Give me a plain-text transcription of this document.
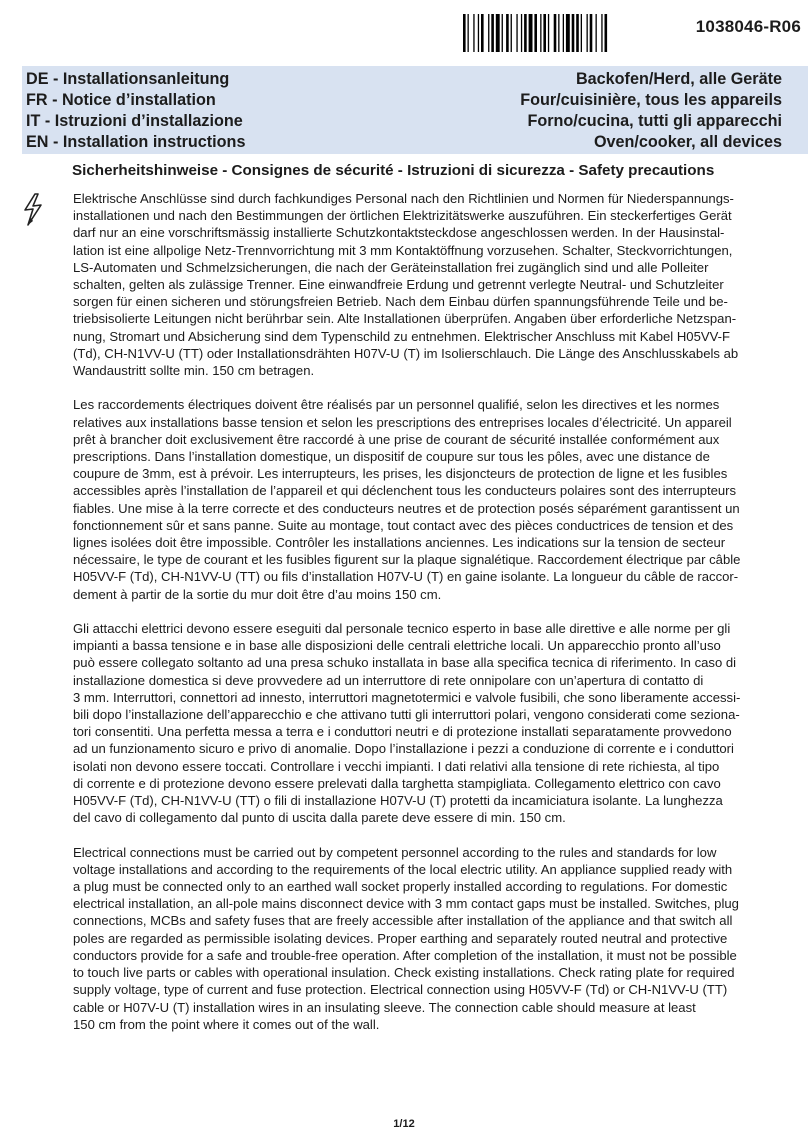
1038046-R06
DE - Installationsanleitung	Backofen/Herd, alle Geräte
FR - Notice d’installation	Four/cuisinière, tous les appareils
IT - Istruzioni d’installazione	Forno/cucina, tutti gli apparecchi
EN - Installation instructions	Oven/cooker, all devices
Sicherheitshinweise - Consignes de sécurité - Istruzioni di sicurezza - Safety precautions

Elektrische Anschlüsse sind durch fachkundiges Personal nach den Richtlinien und Normen für Niederspannungs-
installationen und nach den Bestimmungen der örtlichen Elektrizitätswerke auszuführen. Ein steckerfertiges Gerät
darf nur an eine vorschriftsmässig installierte Schutzkontaktsteckdose angeschlossen werden. In der Hausinstal-
lation ist eine allpolige Netz-Trennvorrichtung mit 3 mm Kontaktöffnung vorzusehen. Schalter, Steckvorrichtungen,
LS-Automaten und Schmelzsicherungen, die nach der Geräteinstallation frei zugänglich sind und alle Polleiter
schalten, gelten als zulässige Trenner. Eine einwandfreie Erdung und getrennt verlegte Neutral- und Schutzleiter
sorgen für einen sicheren und störungsfreien Betrieb. Nach dem Einbau dürfen spannungsführende Teile und be-
triebsisolierte Leitungen nicht berührbar sein. Alte Installationen überprüfen. Angaben über erforderliche Netzspan-
nung, Stromart und Absicherung sind dem Typenschild zu entnehmen. Elektrischer Anschluss mit Kabel H05VV-F
(Td), CH-N1VV-U (TT) oder Installationsdrähten H07V-U (T) im Isolierschlauch. Die Länge des Anschlusskabels ab
Wandaustritt sollte min. 150 cm betragen.

Les raccordements électriques doivent être réalisés par un personnel qualifié, selon les directives et les normes
relatives aux installations basse tension et selon les prescriptions des entreprises locales d’électricité. Un appareil
prêt à brancher doit exclusivement être raccordé à une prise de courant de sécurité installée conformément aux
prescriptions. Dans l’installation domestique, un dispositif de coupure sur tous les pôles, avec une distance de
coupure de 3mm, est à prévoir. Les interrupteurs, les prises, les disjoncteurs de protection de ligne et les fusibles
accessibles après l’installation de l’appareil et qui déclenchent tous les conducteurs polaires sont des interrupteurs
fiables. Une mise à la terre correcte et des conducteurs neutres et de protection posés séparément garantissent un
fonctionnement sûr et sans panne. Suite au montage, tout contact avec des pièces conductrices de tension et des
lignes isolées doit être impossible. Contrôler les installations anciennes. Les indications sur la tension de secteur
nécessaire, le type de courant et les fusibles figurent sur la plaque signalétique. Raccordement électrique par câble
H05VV-F (Td), CH-N1VV-U (TT) ou fils d’installation H07V-U (T) en gaine isolante. La longueur du câble de raccor-
dement à partir de la sortie du mur doit être d’au moins 150 cm.

Gli attacchi elettrici devono essere eseguiti dal personale tecnico esperto in base alle direttive e alle norme per gli
impianti a bassa tensione e in base alle disposizioni delle centrali elettriche locali. Un apparecchio pronto all’uso
può essere collegato soltanto ad una presa schuko installata in base alla specifica tecnica di riferimento. In caso di
installazione domestica si deve provvedere ad un interruttore di rete onnipolare con un’apertura di contatto di
3 mm. Interruttori, connettori ad innesto, interruttori magnetotermici e valvole fusibili, che sono liberamente accessi-
bili dopo l’installazione dell’apparecchio e che attivano tutti gli interruttori polari, vengono considerati come seziona-
tori consentiti. Una perfetta messa a terra e i conduttori neutri e di protezione installati separatamente provvedono
ad un funzionamento sicuro e privo di anomalie. Dopo l’installazione i pezzi a conduzione di corrente e i conduttori
isolati non devono essere toccati. Controllare i vecchi impianti. I dati relativi alla tensione di rete richiesta, al tipo
di corrente e di protezione devono essere prelevati dalla targhetta stampigliata. Collegamento elettrico con cavo
H05VV-F (Td), CH-N1VV-U (TT) o fili di installazione H07V-U (T) protetti da incamiciatura isolante. La lunghezza
del cavo di collegamento dal punto di uscita dalla parete deve essere di min. 150 cm.

Electrical connections must be carried out by competent personnel according to the rules and standards for low
voltage installations and according to the requirements of the local electric utility. An appliance supplied ready with
a plug must be connected only to an earthed wall socket properly installed according to regulations. For domestic
electrical installation, an all-pole mains disconnect device with 3 mm contact gaps must be installed. Switches, plug
connections, MCBs and safety fuses that are freely accessible after installation of the appliance and that switch all
poles are regarded as permissible isolating devices. Proper earthing and separately routed neutral and protective
conductors provide for a safe and trouble-free operation. After completion of the installation, it must not be possible
to touch live parts or cables with operational insulation. Check existing installations. Check rating plate for required
supply voltage, type of current and fuse protection. Electrical connection using H05VV-F (Td) or CH-N1VV-U (TT)
cable or H07V-U (T) installation wires in an insulating sleeve. The connection cable should measure at least
150 cm from the point where it comes out of the wall.

1/12
